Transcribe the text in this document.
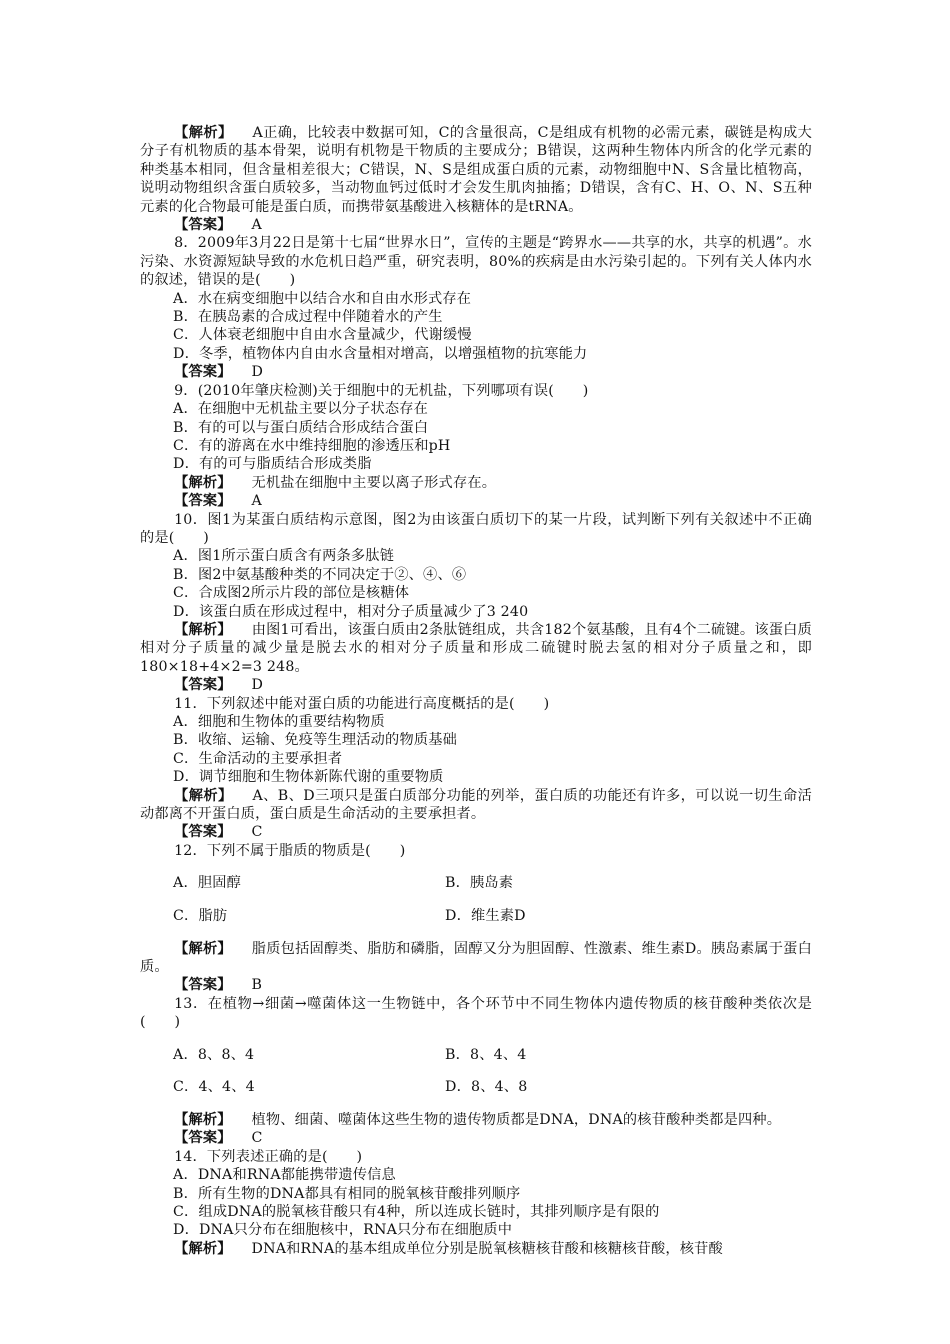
【解析】 A正确，比较表中数据可知，C的含量很高，C是组成有机物的必需元素，碳链是构成大分子有机物质的基本骨架，说明有机物是干物质的主要成分；B错误，这两种生物体内所含的化学元素的种类基本相同，但含量相差很大；C错误，N、S是组成蛋白质的元素，动物细胞中N、S含量比植物高，说明动物组织含蛋白质较多，当动物血钙过低时才会发生肌肉抽搐；D错误，含有C、H、O、N、S五种元素的化合物最可能是蛋白质，而携带氨基酸进入核糖体的是tRNA。

【答案】 A

8．2009年3月22日是第十七届“世界水日”，宣传的主题是“跨界水——共享的水，共享的机遇”。水污染、水资源短缺导致的水危机日趋严重，研究表明，80%的疾病是由水污染引起的。下列有关人体内水的叙述，错误的是(　　)

A．水在病变细胞中以结合水和自由水形式存在

B．在胰岛素的合成过程中伴随着水的产生

C．人体衰老细胞中自由水含量减少，代谢缓慢

D．冬季，植物体内自由水含量相对增高，以增强植物的抗寒能力

【答案】 D

9．(2010年肇庆检测)关于细胞中的无机盐，下列哪项有误(　　)

A．在细胞中无机盐主要以分子状态存在

B．有的可以与蛋白质结合形成结合蛋白

C．有的游离在水中维持细胞的渗透压和pH

D．有的可与脂质结合形成类脂

【解析】 无机盐在细胞中主要以离子形式存在。

【答案】 A

10．图1为某蛋白质结构示意图，图2为由该蛋白质切下的某一片段，试判断下列有关叙述中不正确的是(　　)

A．图1所示蛋白质含有两条多肽链

B．图2中氨基酸种类的不同决定于②、④、⑥

C．合成图2所示片段的部位是核糖体

D．该蛋白质在形成过程中，相对分子质量减少了3 240

【解析】 由图1可看出，该蛋白质由2条肽链组成，共含182个氨基酸，且有4个二硫键。该蛋白质相对分子质量的减少量是脱去水的相对分子质量和形成二硫键时脱去氢的相对分子质量之和，即180×18+4×2=3 248。

【答案】 D

11．下列叙述中能对蛋白质的功能进行高度概括的是(　　)

A．细胞和生物体的重要结构物质

B．收缩、运输、免疫等生理活动的物质基础

C．生命活动的主要承担者

D．调节细胞和生物体新陈代谢的重要物质

【解析】 A、B、D三项只是蛋白质部分功能的列举，蛋白质的功能还有许多，可以说一切生命活动都离不开蛋白质，蛋白质是生命活动的主要承担者。

【答案】 C

12．下列不属于脂质的物质是(　　)

A．胆固醇	B．胰岛素

C．脂肪	D．维生素D

【解析】 脂质包括固醇类、脂肪和磷脂，固醇又分为胆固醇、性激素、维生素D。胰岛素属于蛋白质。

【答案】 B

13．在植物→细菌→噬菌体这一生物链中，各个环节中不同生物体内遗传物质的核苷酸种类依次是(　　)

A．8、8、4	B．8、4、4

C．4、4、4	D．8、4、8

【解析】 植物、细菌、噬菌体这些生物的遗传物质都是DNA，DNA的核苷酸种类都是四种。

【答案】 C

14．下列表述正确的是(　　)

A．DNA和RNA都能携带遗传信息

B．所有生物的DNA都具有相同的脱氧核苷酸排列顺序

C．组成DNA的脱氧核苷酸只有4种，所以连成长链时，其排列顺序是有限的

D．DNA只分布在细胞核中，RNA只分布在细胞质中

【解析】 DNA和RNA的基本组成单位分别是脱氧核糖核苷酸和核糖核苷酸，核苷酸
